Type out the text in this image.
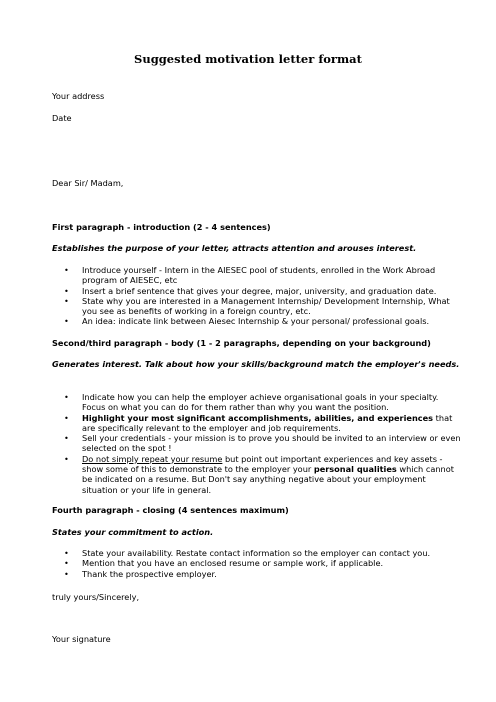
Suggested motivation letter format
Your address
Date
Dear Sir/ Madam,
First paragraph - introduction (2 - 4 sentences)
Establishes the purpose of your letter, attracts attention and arouses interest.
• Introduce yourself - Intern in the AIESEC pool of students, enrolled in the Work Abroad program of AIESEC, etc
• Insert a brief sentence that gives your degree, major, university, and graduation date.
• State why you are interested in a Management Internship/ Development Internship, What you see as benefits of working in a foreign country, etc.
• An idea: indicate link between Aiesec Internship & your personal/ professional goals.
Second/third paragraph - body (1 - 2 paragraphs, depending on your background)
Generates interest. Talk about how your skills/background match the employer's needs.
• Indicate how you can help the employer achieve organisational goals in your specialty. Focus on what you can do for them rather than why you want the position.
• Highlight your most significant accomplishments, abilities, and experiences that are specifically relevant to the employer and job requirements.
• Sell your credentials - your mission is to prove you should be invited to an interview or even selected on the spot !
• Do not simply repeat your resume but point out important experiences and key assets - show some of this to demonstrate to the employer your personal qualities which cannot be indicated on a resume. But Don't say anything negative about your employment situation or your life in general.
Fourth paragraph - closing (4 sentences maximum)
States your commitment to action.
• State your availability. Restate contact information so the employer can contact you.
• Mention that you have an enclosed resume or sample work, if applicable.
• Thank the prospective employer.
truly yours/Sincerely,
Your signature
